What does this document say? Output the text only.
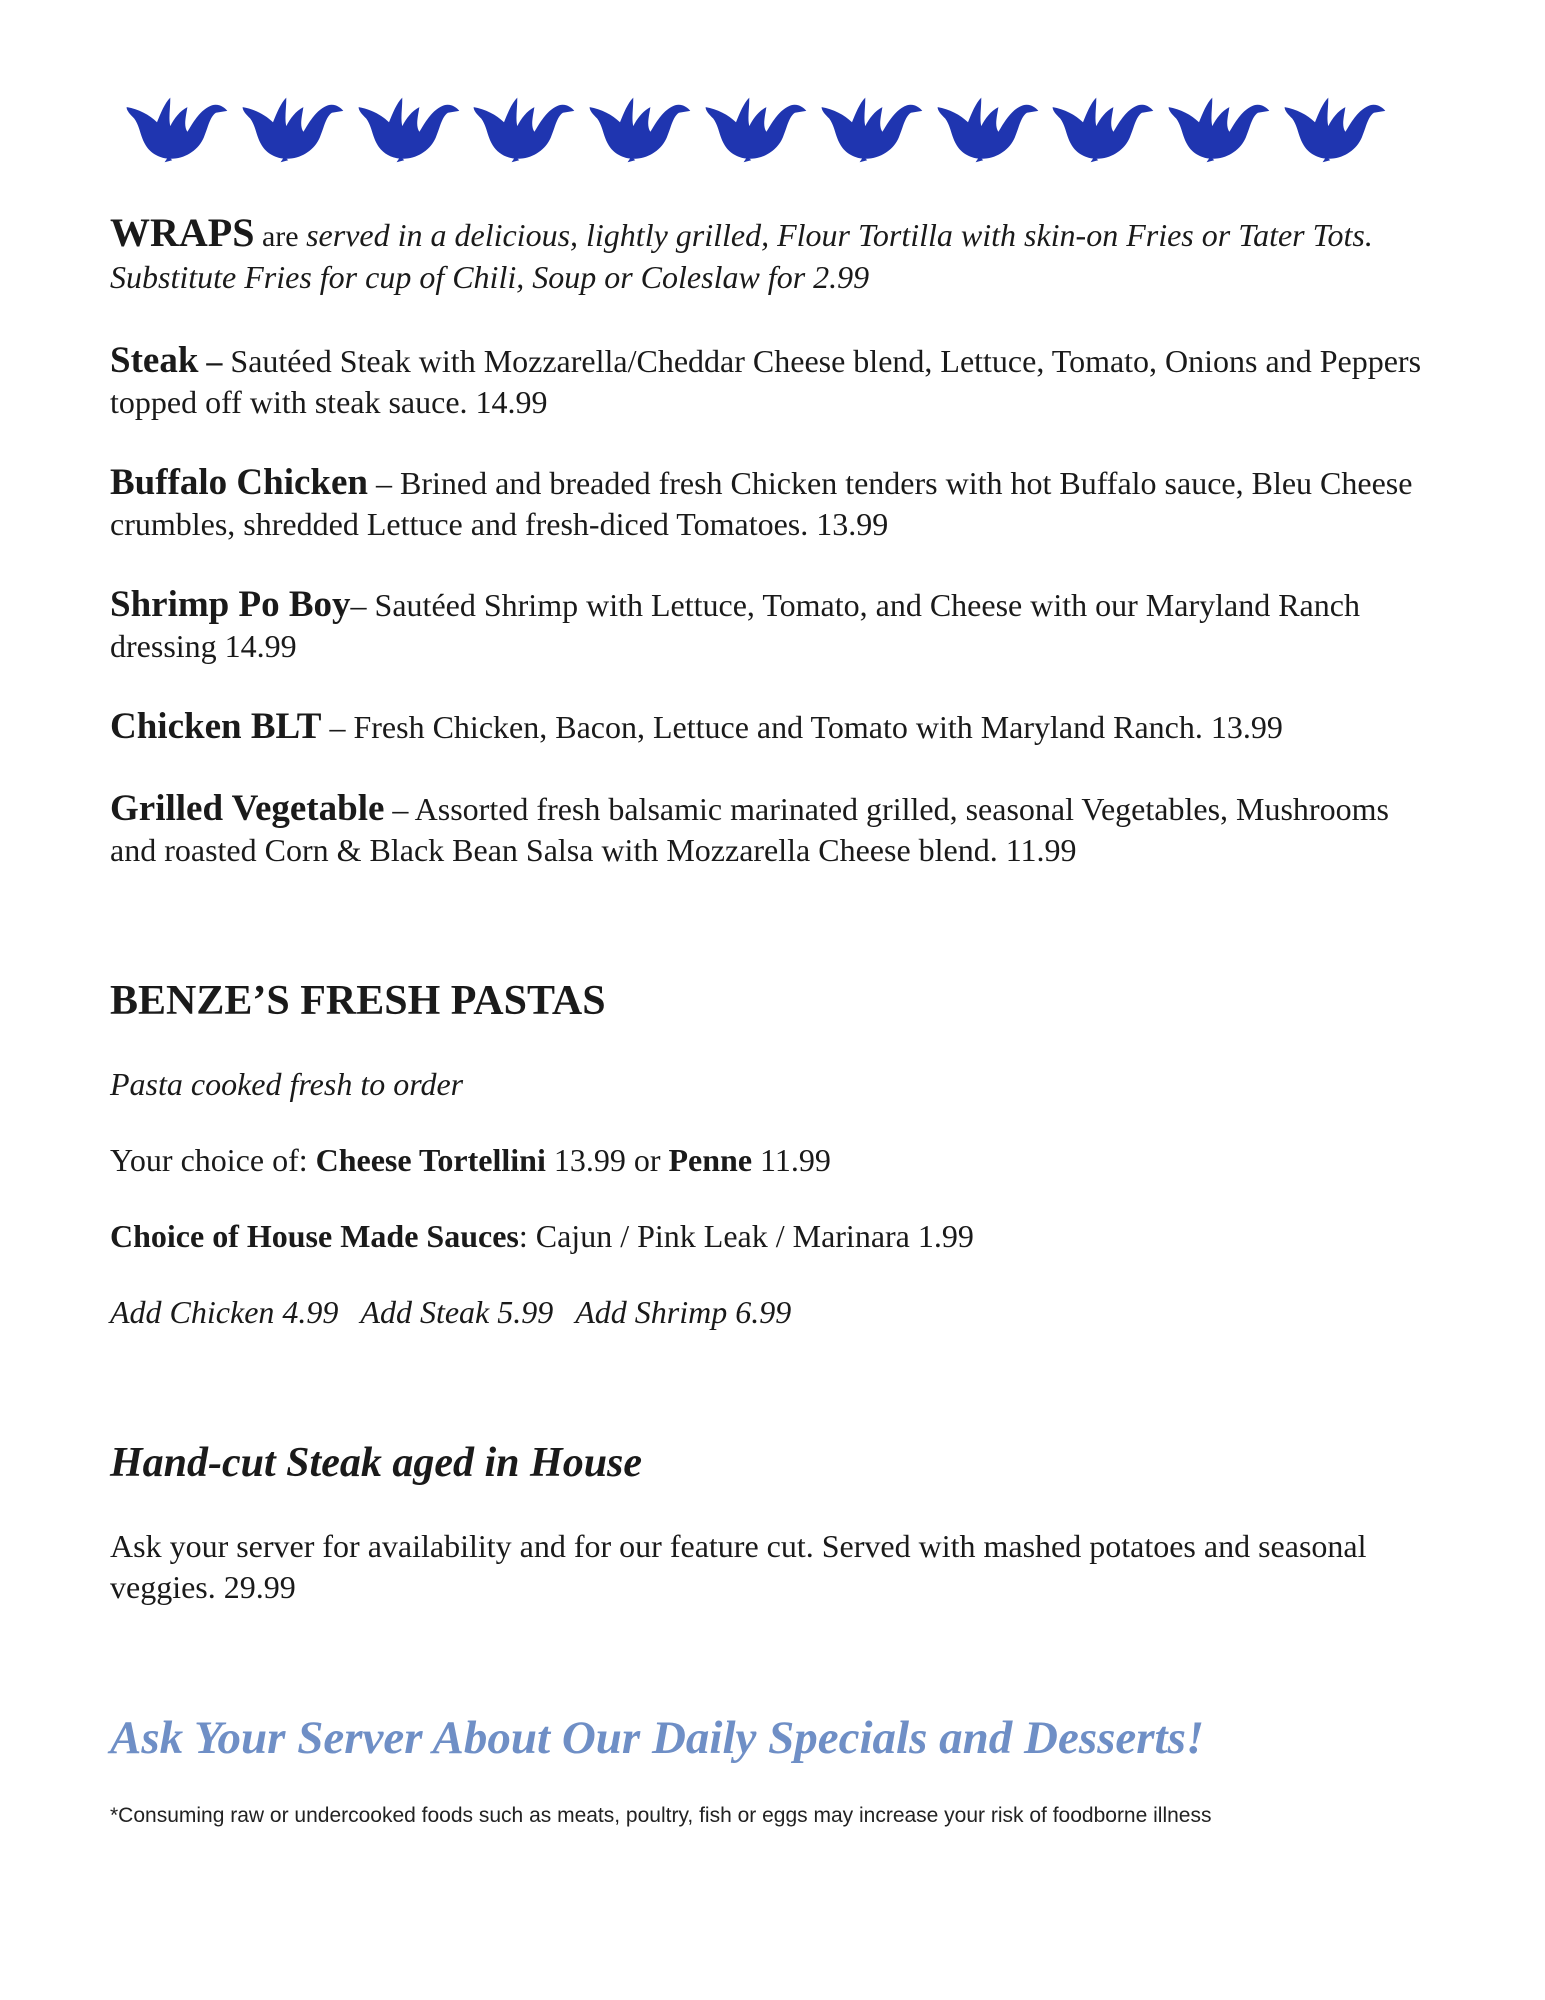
WRAPS are served in a delicious, lightly grilled, Flour Tortilla with skin-on Fries or Tater Tots.Substitute Fries for cup of Chili, Soup or Coleslaw for 2.99

Steak – Sautéed Steak with Mozzarella/Cheddar Cheese blend, Lettuce, Tomato, Onions and Peppers topped off with steak sauce. 14.99

Buffalo Chicken – Brined and breaded fresh Chicken tenders with hot Buffalo sauce, Bleu Cheese crumbles, shredded Lettuce and fresh-diced Tomatoes. 13.99

Shrimp Po Boy– Sautéed Shrimp with Lettuce, Tomato, and Cheese with our Maryland Ranch dressing 14.99

Chicken BLT – Fresh Chicken, Bacon, Lettuce and Tomato with Maryland Ranch. 13.99

Grilled Vegetable – Assorted fresh balsamic marinated grilled, seasonal Vegetables, Mushrooms and roasted Corn & Black Bean Salsa with Mozzarella Cheese blend. 11.99

BENZE’S FRESH PASTAS

Pasta cooked fresh to order

Your choice of: Cheese Tortellini 13.99 or Penne 11.99

Choice of House Made Sauces: Cajun / Pink Leak / Marinara 1.99

Add Chicken 4.99 Add Steak 5.99 Add Shrimp 6.99

Hand-cut Steak aged in House

Ask your server for availability and for our feature cut. Served with mashed potatoes and seasonal veggies. 29.99

Ask Your Server About Our Daily Specials and Desserts!
*Consuming raw or undercooked foods such as meats, poultry, fish or eggs may increase your risk of foodborne illness
